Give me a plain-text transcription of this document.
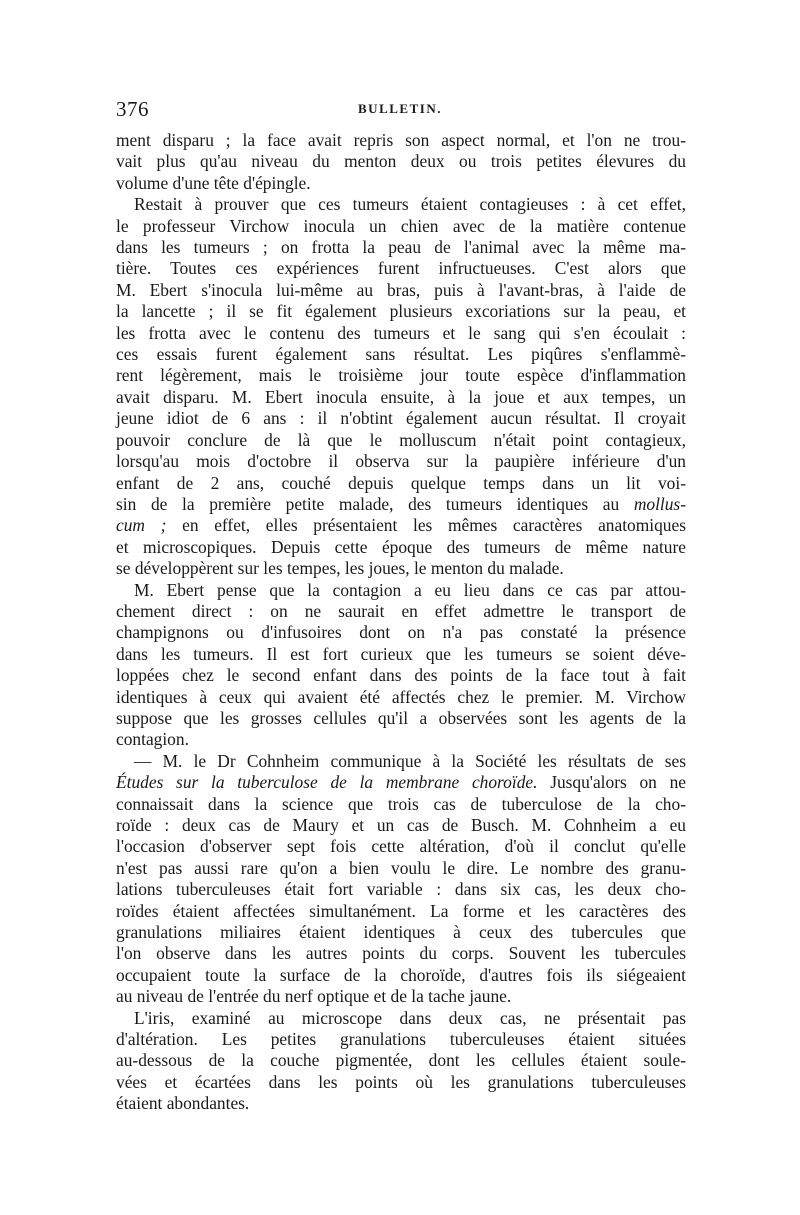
376	BULLETIN.
ment disparu ; la face avait repris son aspect normal, et l'on ne trou-
vait plus qu'au niveau du menton deux ou trois petites élevures du
volume d'une tête d'épingle.
Restait à prouver que ces tumeurs étaient contagieuses : à cet effet,
le professeur Virchow inocula un chien avec de la matière contenue
dans les tumeurs ; on frotta la peau de l'animal avec la même ma-
tière. Toutes ces expériences furent infructueuses. C'est alors que
M. Ebert s'inocula lui-même au bras, puis à l'avant-bras, à l'aide de
la lancette ; il se fit également plusieurs excoriations sur la peau, et
les frotta avec le contenu des tumeurs et le sang qui s'en écoulait :
ces essais furent également sans résultat. Les piqûres s'enflammè-
rent légèrement, mais le troisième jour toute espèce d'inflammation
avait disparu. M. Ebert inocula ensuite, à la joue et aux tempes, un
jeune idiot de 6 ans : il n'obtint également aucun résultat. Il croyait
pouvoir conclure de là que le molluscum n'était point contagieux,
lorsqu'au mois d'octobre il observa sur la paupière inférieure d'un
enfant de 2 ans, couché depuis quelque temps dans un lit voi-
sin de la première petite malade, des tumeurs identiques au mollus-
cum ; en effet, elles présentaient les mêmes caractères anatomiques
et microscopiques. Depuis cette époque des tumeurs de même nature
se développèrent sur les tempes, les joues, le menton du malade.
M. Ebert pense que la contagion a eu lieu dans ce cas par attou-
chement direct : on ne saurait en effet admettre le transport de
champignons ou d'infusoires dont on n'a pas constaté la présence
dans les tumeurs. Il est fort curieux que les tumeurs se soient déve-
loppées chez le second enfant dans des points de la face tout à fait
identiques à ceux qui avaient été affectés chez le premier. M. Virchow
suppose que les grosses cellules qu'il a observées sont les agents de la
contagion.
— M. le Dr Cohnheim communique à la Société les résultats de ses
Études sur la tuberculose de la membrane choroïde. Jusqu'alors on ne
connaissait dans la science que trois cas de tuberculose de la cho-
roïde : deux cas de Maury et un cas de Busch. M. Cohnheim a eu
l'occasion d'observer sept fois cette altération, d'où il conclut qu'elle
n'est pas aussi rare qu'on a bien voulu le dire. Le nombre des granu-
lations tuberculeuses était fort variable : dans six cas, les deux cho-
roïdes étaient affectées simultanément. La forme et les caractères des
granulations miliaires étaient identiques à ceux des tubercules que
l'on observe dans les autres points du corps. Souvent les tubercules
occupaient toute la surface de la choroïde, d'autres fois ils siégeaient
au niveau de l'entrée du nerf optique et de la tache jaune.
L'iris, examiné au microscope dans deux cas, ne présentait pas
d'altération. Les petites granulations tuberculeuses étaient situées
au-dessous de la couche pigmentée, dont les cellules étaient soule-
vées et écartées dans les points où les granulations tuberculeuses
étaient abondantes.
